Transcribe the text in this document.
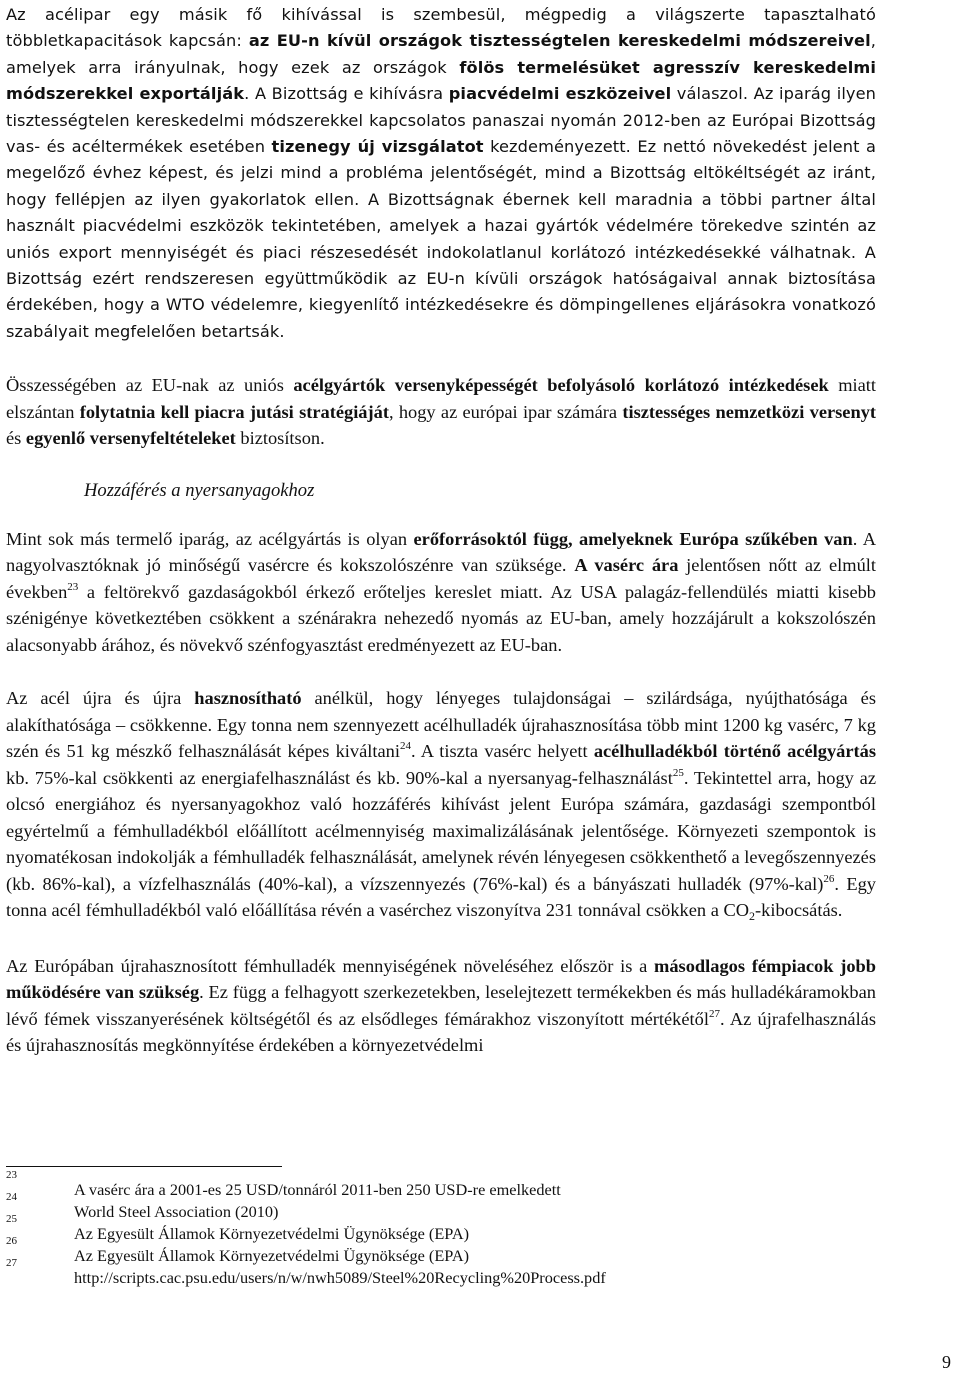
Az acélipar egy másik fő kihívással is szembesül, mégpedig a világszerte tapasztalható többletkapacitások kapcsán: az EU-n kívül országok tisztességtelen kereskedelmi módszereivel, amelyek arra irányulnak, hogy ezek az országok fölös termelésüket agresszív kereskedelmi módszerekkel exportálják. A Bizottság e kihívásra piacvédelmi eszközeivel válaszol. Az iparág ilyen tisztességtelen kereskedelmi módszerekkel kapcsolatos panaszai nyomán 2012-ben az Európai Bizottság vas- és acéltermékek esetében tizenegy új vizsgálatot kezdeményezett. Ez nettó növekedést jelent a megelőző évhez képest, és jelzi mind a probléma jelentőségét, mind a Bizottság eltökéltségét az iránt, hogy fellépjen az ilyen gyakorlatok ellen. A Bizottságnak ébernek kell maradnia a többi partner által használt piacvédelmi eszközök tekintetében, amelyek a hazai gyártók védelmére törekedve szintén az uniós export mennyiségét és piaci részesedését indokolatlanul korlátozó intézkedésekké válhatnak. A Bizottság ezért rendszeresen együttműködik az EU-n kívüli országok hatóságaival annak biztosítása érdekében, hogy a WTO védelemre, kiegyenlítő intézkedésekre és dömpingellenes eljárásokra vonatkozó szabályait megfelelően betartsák.

Összességében az EU-nak az uniós acélgyártók versenyképességét befolyásoló korlátozó intézkedések miatt elszántan folytatnia kell piacra jutási stratégiáját, hogy az európai ipar számára tisztességes nemzetközi versenyt és egyenlő versenyfeltételeket biztosítson.

Hozzáférés a nyersanyagokhoz

Mint sok más termelő iparág, az acélgyártás is olyan erőforrásoktól függ, amelyeknek Európa szűkében van. A nagyolvasztóknak jó minőségű vasércre és kokszolószénre van szüksége. A vasérc ára jelentősen nőtt az elmúlt években$^{23}$ a feltörekvő gazdaságokból érkező erőteljes kereslet miatt. Az USA palagáz-fellendülés miatti kisebb szénigénye következtében csökkent a szénárakra nehezedő nyomás az EU-ban, amely hozzájárult a kokszolószén alacsonyabb árához, és növekvő szénfogyasztást eredményezett az EU-ban.

Az acél újra és újra hasznosítható anélkül, hogy lényeges tulajdonságai – szilárdsága, nyújthatósága és alakíthatósága – csökkenne. Egy tonna nem szennyezett acélhulladék újrahasznosítása több mint 1200 kg vasérc, 7 kg szén és 51 kg mészkő felhasználását képes kiváltani$^{24}$. A tiszta vasérc helyett acélhulladékból történő acélgyártás kb. 75%-kal csökkenti az energiafelhasználást és kb. 90%-kal a nyersanyag-felhasználást$^{25}$. Tekintettel arra, hogy az olcsó energiához és nyersanyagokhoz való hozzáférés kihívást jelent Európa számára, gazdasági szempontból egyértelmű a fémhulladékból előállított acélmennyiség maximalizálásának jelentősége. Környezeti szempontok is nyomatékosan indokolják a fémhulladék felhasználását, amelynek révén lényegesen csökkenthető a levegőszennyezés (kb. 86%-kal), a vízfelhasználás (40%-kal), a vízszennyezés (76%-kal) és a bányászati hulladék $(97\%-kal)^{26}$. Egy tonna acél fémhulladékból való előállítása révén a vasérchez viszonyítva 231 tonnával csökken a $CO_2$-kibocsátás.

Az Európában újrahasznosított fémhulladék mennyiségének növeléséhez először is a másodlagos fémpiacok jobb működésére van szükség. Ez függ a felhagyott szerkezetekben, leselejtezett termékekben és más hulladékáramokban lévő fémek visszanyerésének költségétől és az elsődleges fémárakhoz viszonyított mértékétől$^{27}$. Az újrafelhasználás és újrahasznosítás megkönnyítése érdekében a környezetvédelmi

23
A vasérc ára a 2001-es 25 USD/tonnáról 2011-ben 250 USD-re emelkedett
24
World Steel Association (2010)
25
Az Egyesült Államok Környezetvédelmi Ügynöksége (EPA)
26
Az Egyesült Államok Környezetvédelmi Ügynöksége (EPA)
27
http://scripts.cac.psu.edu/users/n/w/nwh5089/Steel%20Recycling%20Process.pdf
9
